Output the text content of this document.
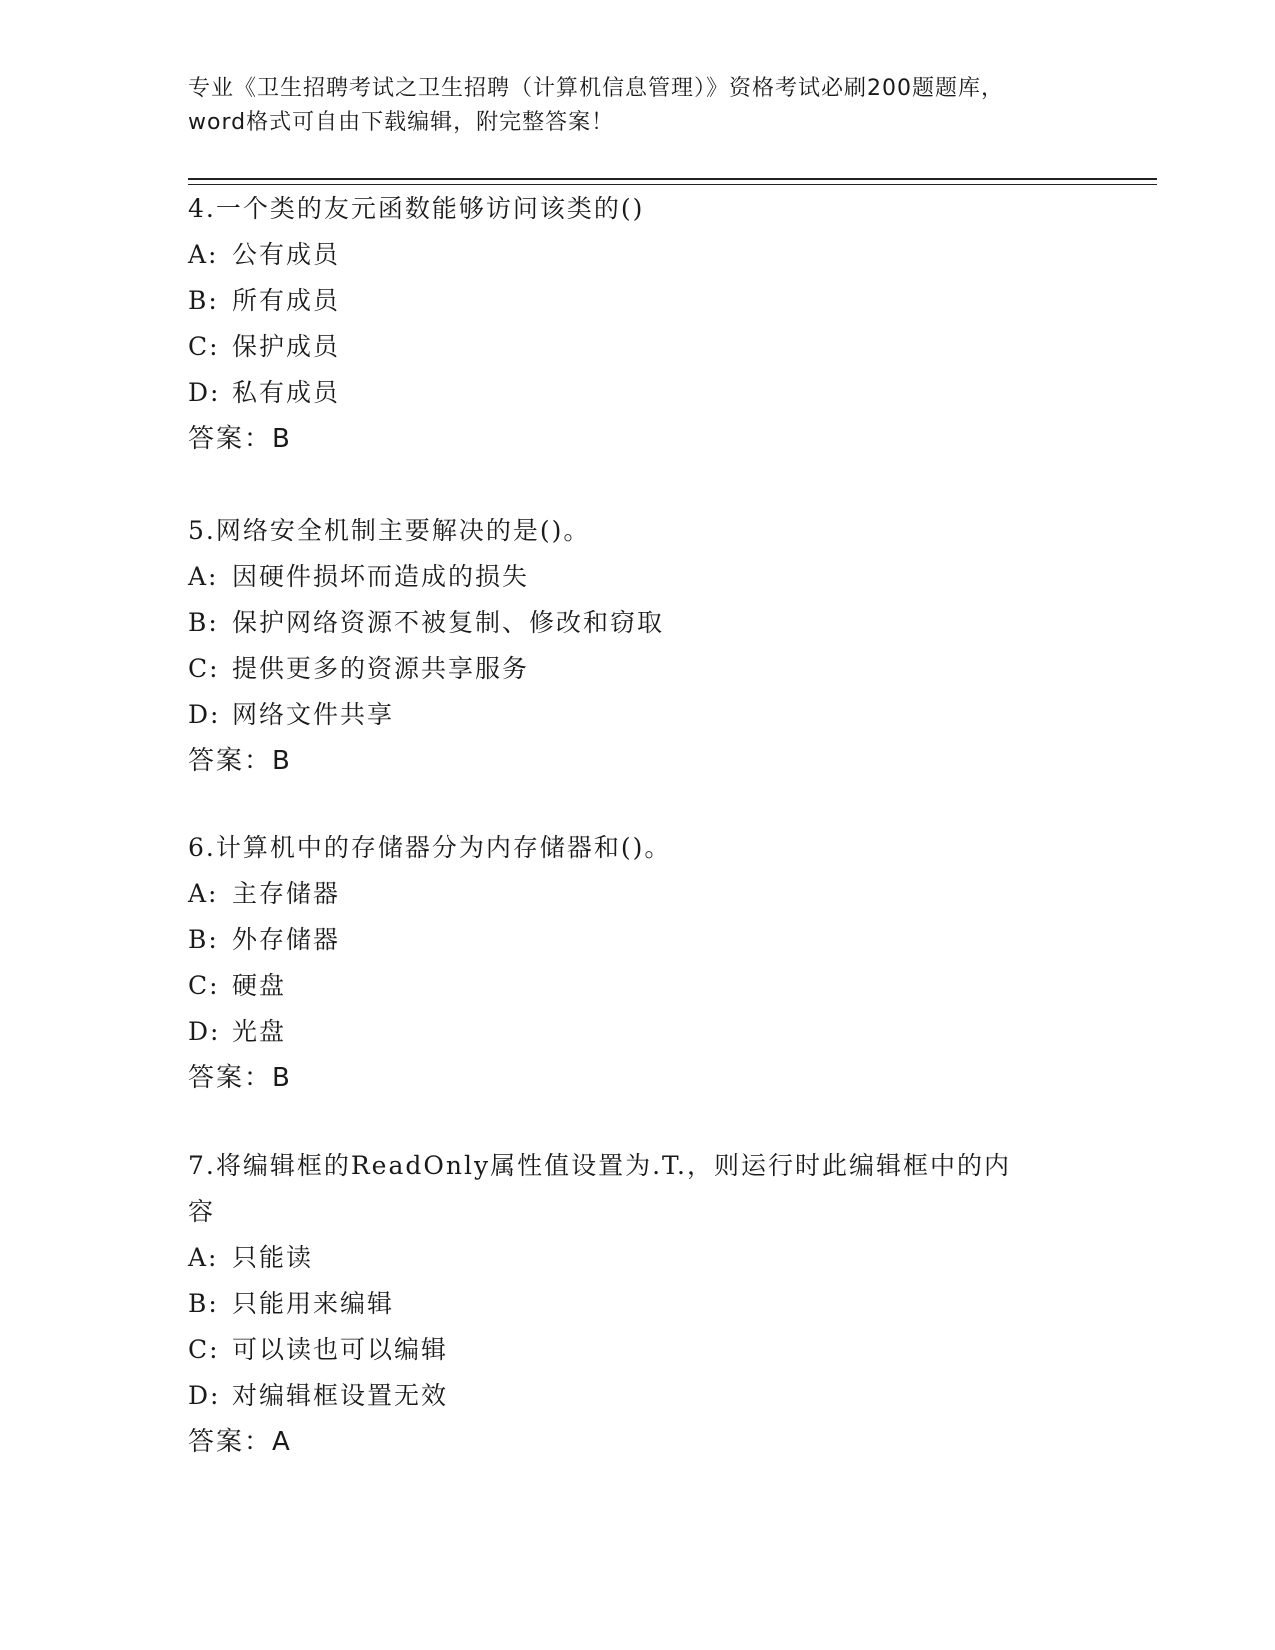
专业《卫生招聘考试之卫生招聘（计算机信息管理）》资格考试必刷200题题库，
word格式可自由下载编辑，附完整答案！
4.一个类的友元函数能够访问该类的()
A: 公有成员
B: 所有成员
C: 保护成员
D: 私有成员
答案：B
5.网络安全机制主要解决的是()。
A: 因硬件损坏而造成的损失
B: 保护网络资源不被复制、修改和窃取
C: 提供更多的资源共享服务
D: 网络文件共享
答案：B
6.计算机中的存储器分为内存储器和()。
A: 主存储器
B: 外存储器
C: 硬盘
D: 光盘
答案：B
7.将编辑框的ReadOnly属性值设置为.T.，则运行时此编辑框中的内
容
A: 只能读
B: 只能用来编辑
C: 可以读也可以编辑
D: 对编辑框设置无效
答案：A
